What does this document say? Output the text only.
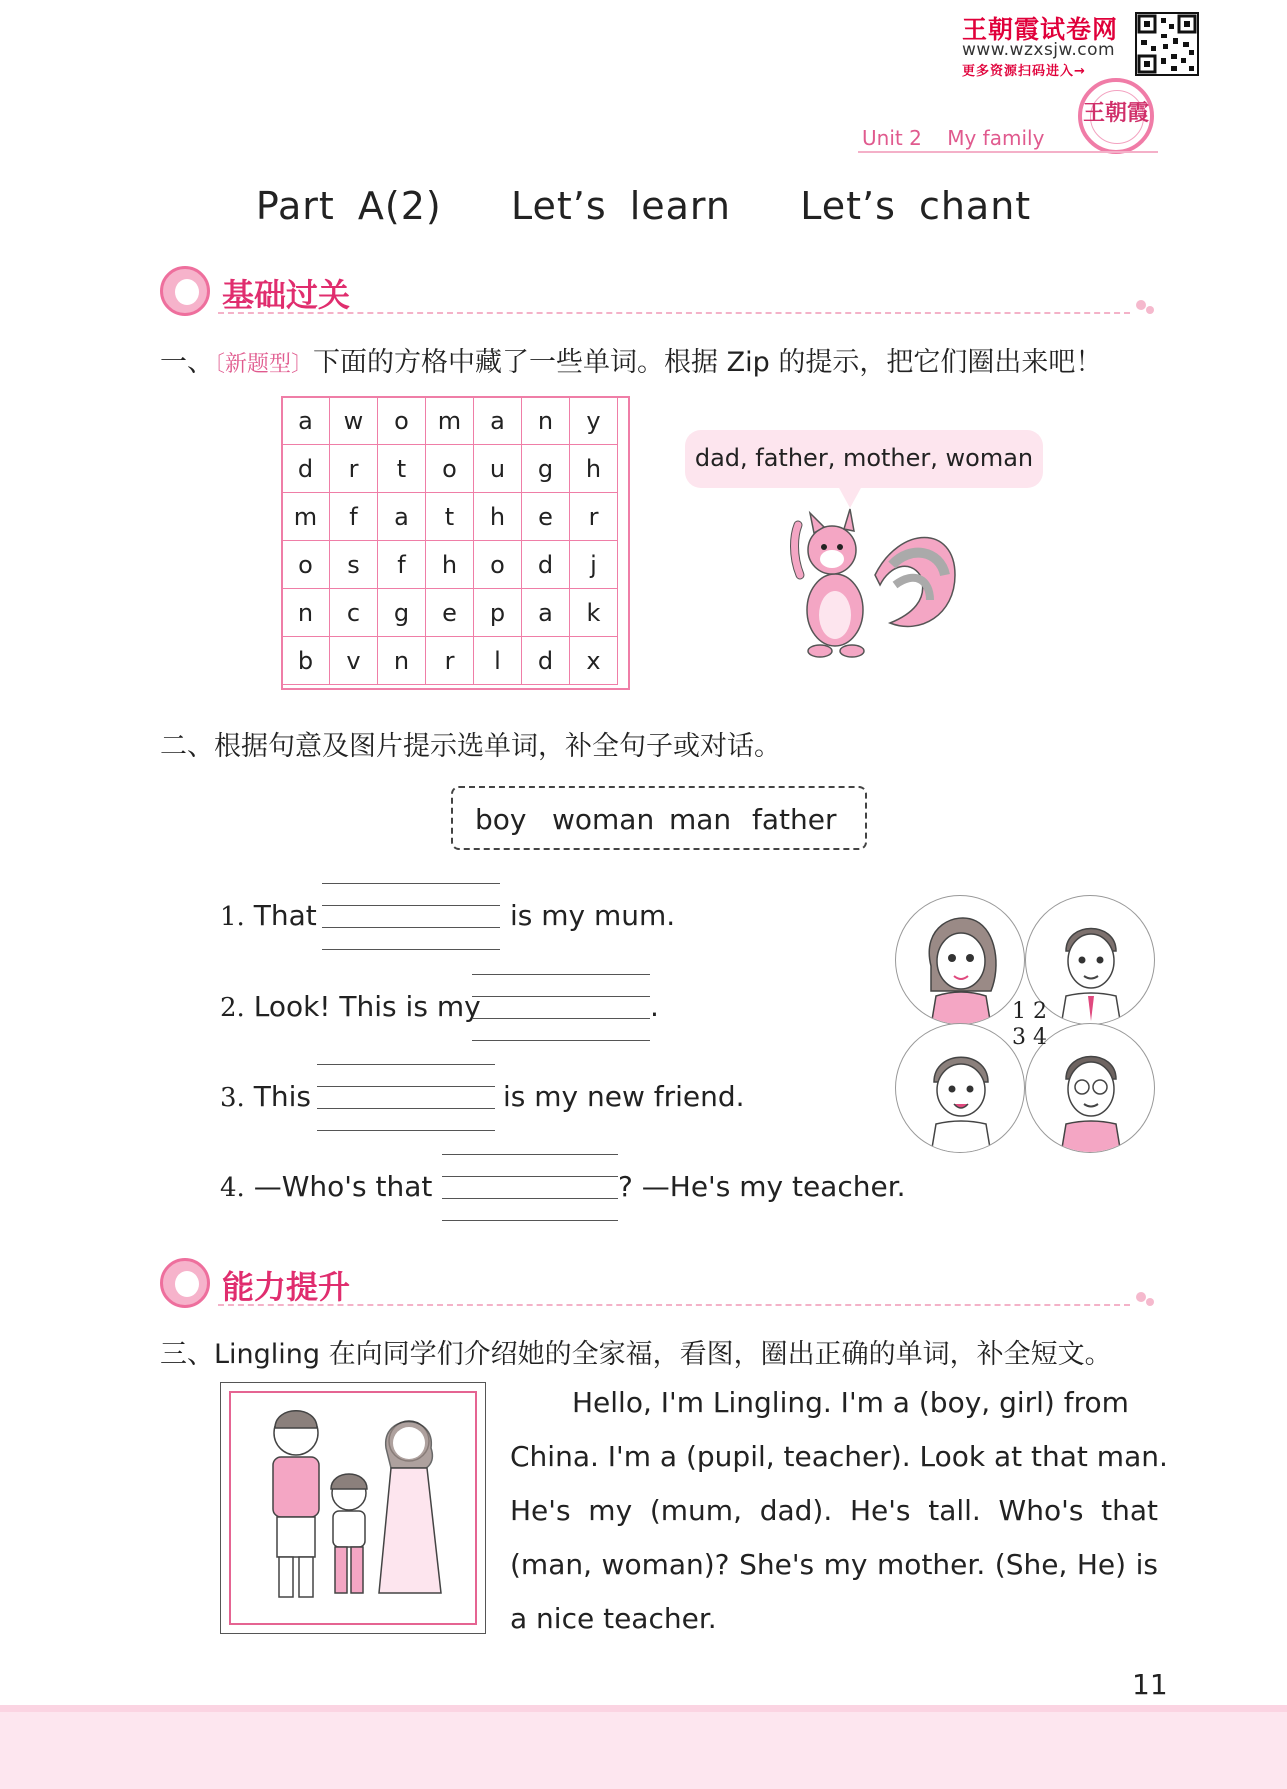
王朝霞试卷网
www.wzxsjw.com
更多资源扫码进入→
王朝霞
Unit 2    My family
Part A(2)   Let’s learn   Let’s chant
基础过关
一、〔新题型〕下面的方格中藏了一些单词。根据 Zip 的提示，把它们圈出来吧！
a	w	o	m	a	n	y
d	r	t	o	u	g	h
m	f	a	t	h	e	r
o	s	f	h	o	d	j
n	c	g	e	p	a	k
b	v	n	r	l	d	x
dad, father, mother, woman
二、根据句意及图片提示选单词，补全句子或对话。
boy woman man father
1. That	is my mum.
2. Look! This is my	.
3. This	is my new friend.
4. —Who's that	? —He's my teacher.
1 2
3 4
能力提升
三、Lingling 在向同学们介绍她的全家福，看图，圈出正确的单词，补全短文。
Hello, I'm Lingling. I'm a (boy, girl) from
China. I'm a (pupil, teacher). Look at that man.
He's my (mum, dad). He's tall. Who's that
(man, woman)? She's my mother. (She, He) is
a nice teacher.
11
